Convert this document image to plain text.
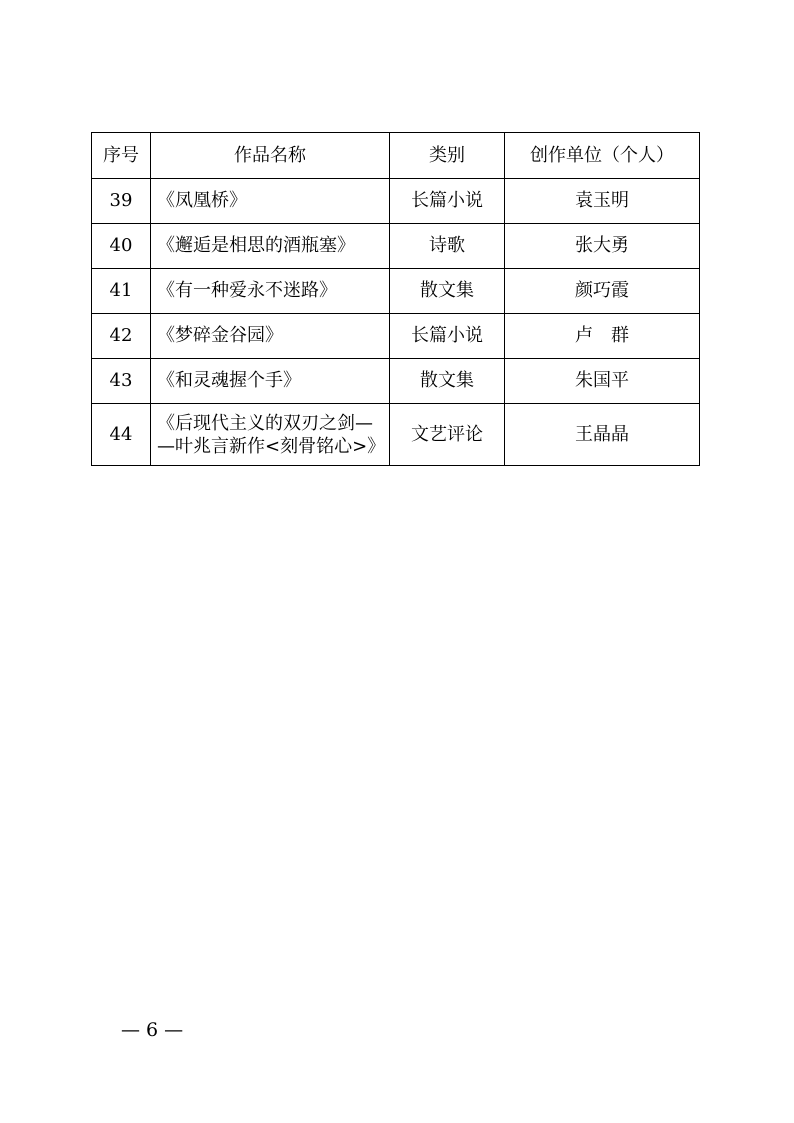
序号	作品名称	类别	创作单位（个人）
39	《凤凰桥》	长篇小说	袁玉明
40	《邂逅是相思的酒瓶塞》	诗歌	张大勇
41	《有一种爱永不迷路》	散文集	颜巧霞
42	《梦碎金谷园》	长篇小说	卢　群
43	《和灵魂握个手》	散文集	朱国平
44	《后现代主义的双刃之剑—
—叶兆言新作<刻骨铭心>》	文艺评论	王晶晶
— 6 —
